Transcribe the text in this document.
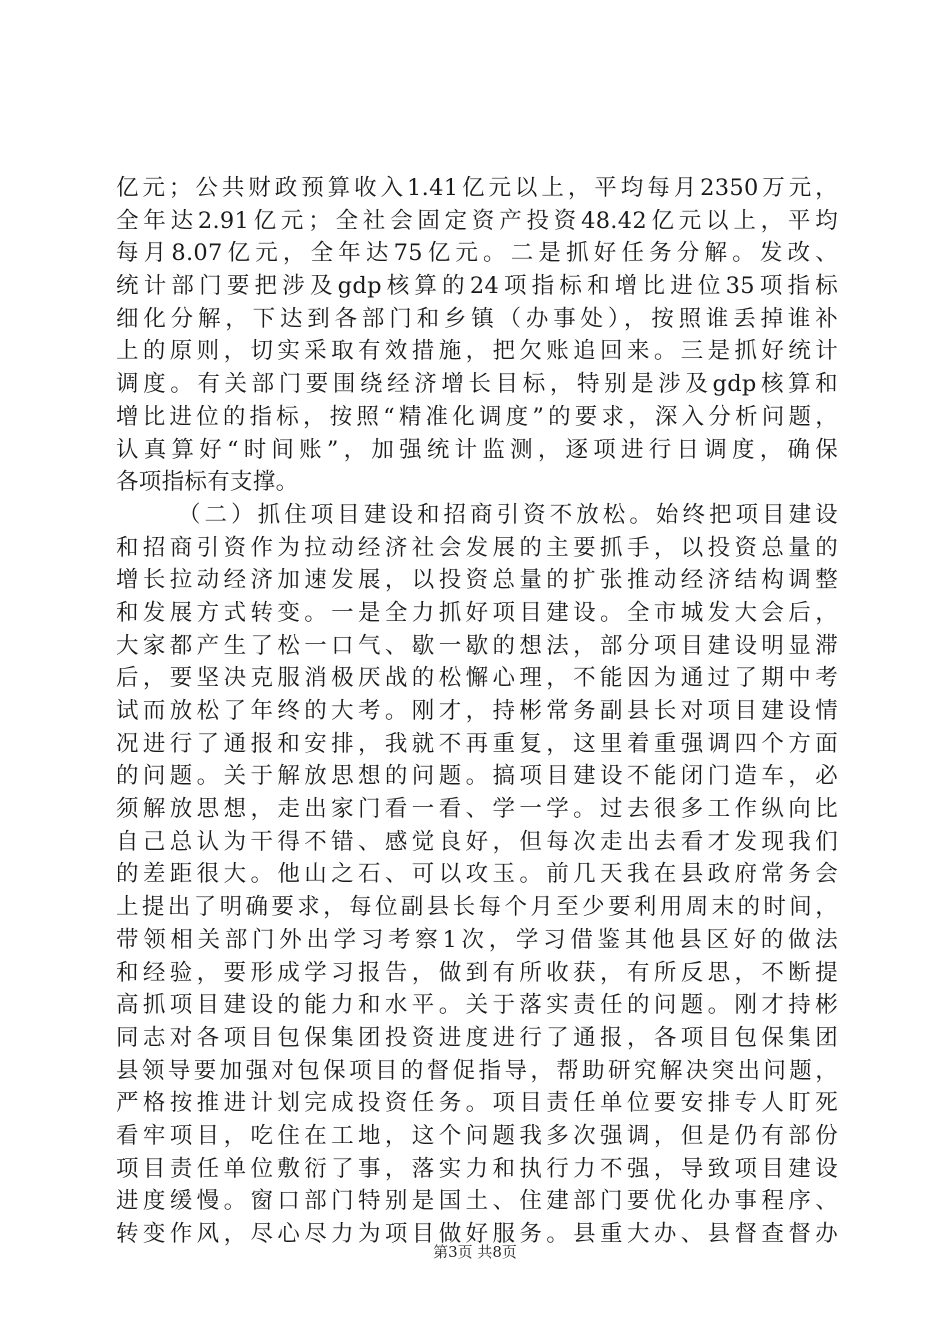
亿元；公共财政预算收入1.41亿元以上，平均每月2350万元，
全年达2.91亿元；全社会固定资产投资48.42亿元以上，平均
每月8.07亿元，全年达75亿元。二是抓好任务分解。发改、
统计部门要把涉及gdp核算的24项指标和增比进位35项指标
细化分解，下达到各部门和乡镇（办事处），按照谁丢掉谁补
上的原则，切实采取有效措施，把欠账追回来。三是抓好统计
调度。有关部门要围绕经济增长目标，特别是涉及gdp核算和
增比进位的指标，按照“精准化调度”的要求，深入分析问题，
认真算好“时间账”，加强统计监测，逐项进行日调度，确保
各项指标有支撑。
（二）抓住项目建设和招商引资不放松。始终把项目建设
和招商引资作为拉动经济社会发展的主要抓手，以投资总量的
增长拉动经济加速发展，以投资总量的扩张推动经济结构调整
和发展方式转变。一是全力抓好项目建设。全市城发大会后，
大家都产生了松一口气、歇一歇的想法，部分项目建设明显滞
后，要坚决克服消极厌战的松懈心理，不能因为通过了期中考
试而放松了年终的大考。刚才，持彬常务副县长对项目建设情
况进行了通报和安排，我就不再重复，这里着重强调四个方面
的问题。关于解放思想的问题。搞项目建设不能闭门造车，必
须解放思想，走出家门看一看、学一学。过去很多工作纵向比
自己总认为干得不错、感觉良好，但每次走出去看才发现我们
的差距很大。他山之石、可以攻玉。前几天我在县政府常务会
上提出了明确要求，每位副县长每个月至少要利用周末的时间，
带领相关部门外出学习考察1次，学习借鉴其他县区好的做法
和经验，要形成学习报告，做到有所收获，有所反思，不断提
高抓项目建设的能力和水平。关于落实责任的问题。刚才持彬
同志对各项目包保集团投资进度进行了通报，各项目包保集团
县领导要加强对包保项目的督促指导，帮助研究解决突出问题，
严格按推进计划完成投资任务。项目责任单位要安排专人盯死
看牢项目，吃住在工地，这个问题我多次强调，但是仍有部份
项目责任单位敷衍了事，落实力和执行力不强，导致项目建设
进度缓慢。窗口部门特别是国土、住建部门要优化办事程序、
转变作风，尽心尽力为项目做好服务。县重大办、县督查督办
第3页 共8页
